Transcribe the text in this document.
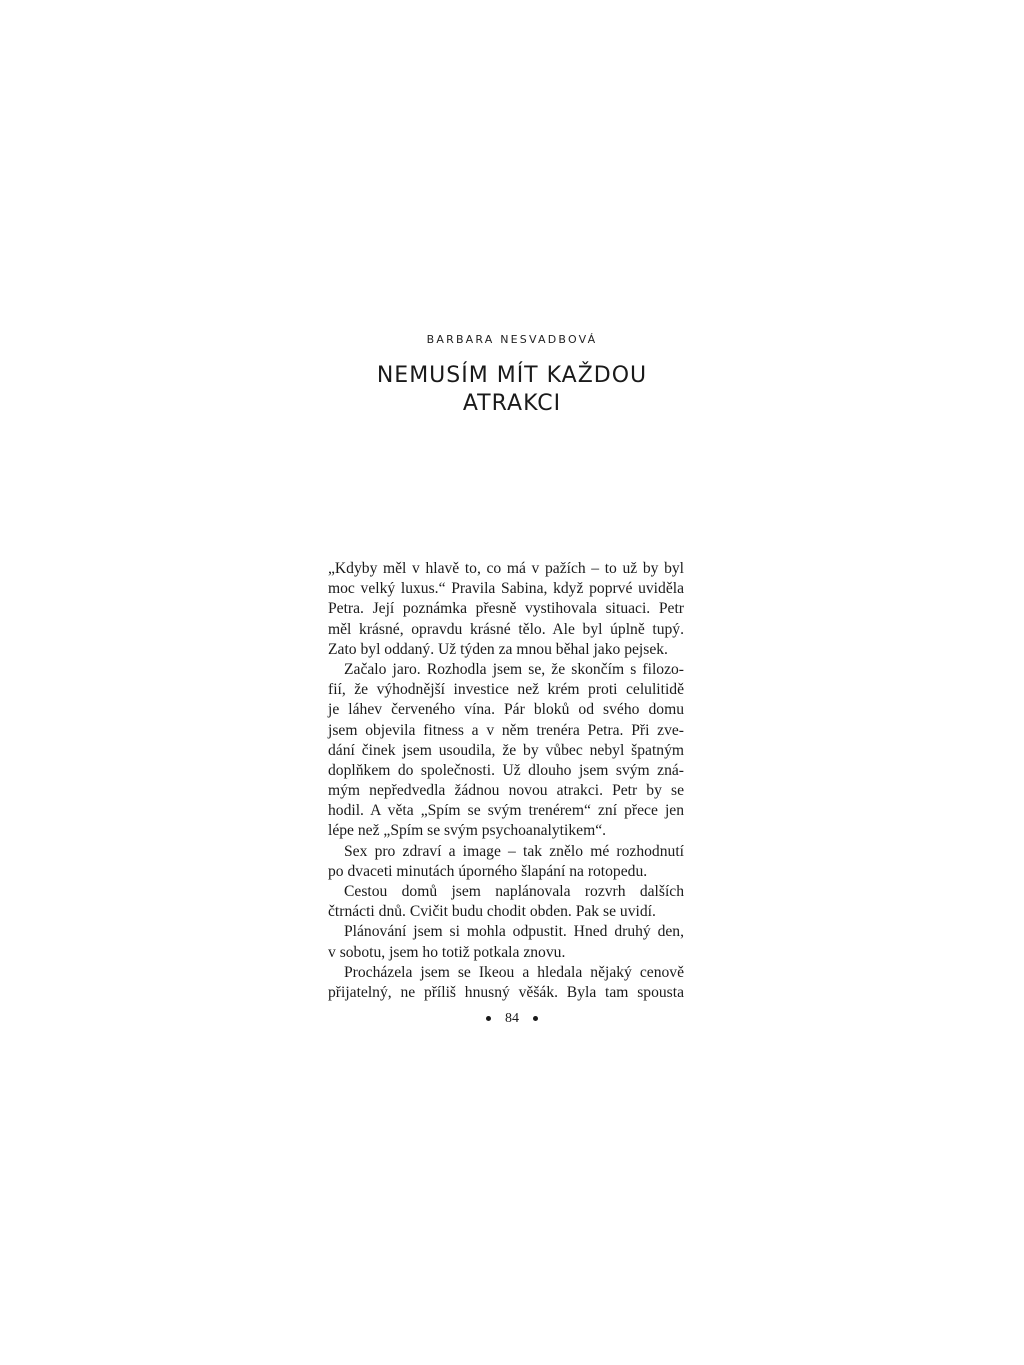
BARBARA NESVADBOVÁ
NEMUSÍM MÍT KAŽDOU
ATRAKCI
„Kdyby měl v hlavě to, co má v pažích – to už by byl
moc velký luxus.“ Pravila Sabina, když poprvé uviděla
Petra. Její poznámka přesně vystihovala situaci. Petr
měl krásné, opravdu krásné tělo. Ale byl úplně tupý.
Zato byl oddaný. Už týden za mnou běhal jako pejsek.
Začalo jaro. Rozhodla jsem se, že skončím s filozo-
fií, že výhodnější investice než krém proti celulitidě
je láhev červeného vína. Pár bloků od svého domu
jsem objevila fitness a v něm trenéra Petra. Při zve-
dání činek jsem usoudila, že by vůbec nebyl špatným
doplňkem do společnosti. Už dlouho jsem svým zná-
mým nepředvedla žádnou novou atrakci. Petr by se
hodil. A věta „Spím se svým trenérem“ zní přece jen
lépe než „Spím se svým psychoanalytikem“.
Sex pro zdraví a image – tak znělo mé rozhodnutí
po dvaceti minutách úporného šlapání na rotopedu.
Cestou domů jsem naplánovala rozvrh dalších
čtrnácti dnů. Cvičit budu chodit obden. Pak se uvidí.
Plánování jsem si mohla odpustit. Hned druhý den,
v sobotu, jsem ho totiž potkala znovu.
Procházela jsem se Ikeou a hledala nějaký cenově
přijatelný, ne příliš hnusný věšák. Byla tam spousta
84
